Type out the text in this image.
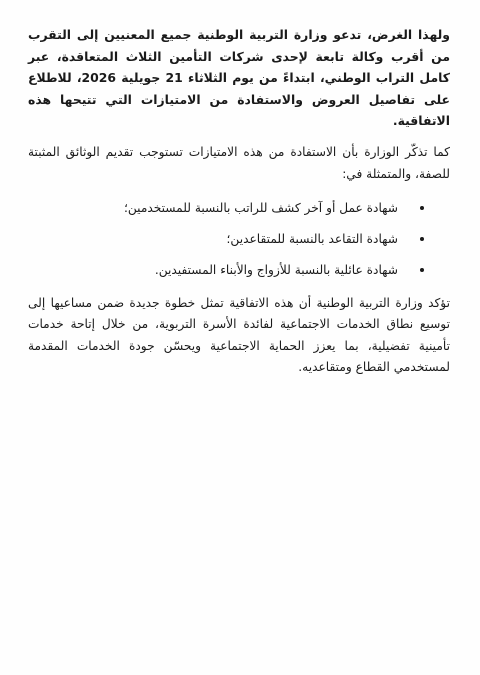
ولهذا الغرض، تدعو وزارة التربية الوطنية جميع المعنيين إلى التقرب من أقرب وكالة تابعة لإحدى شركات التأمين الثلاث المتعاقدة، عبر كامل التراب الوطني، ابتداءً من يوم الثلاثاء 21 جويلية 2026، للاطلاع على تفاصيل العروض والاستفادة من الامتيازات التي تتيحها هذه الاتفاقية.

كما تذكّر الوزارة بأن الاستفادة من هذه الامتيازات تستوجب تقديم الوثائق المثبتة للصفة، والمتمثلة في:

شهادة عمل أو آخر كشف للراتب بالنسبة للمستخدمين؛
شهادة التقاعد بالنسبة للمتقاعدين؛
شهادة عائلية بالنسبة للأزواج والأبناء المستفيدين.

تؤكد وزارة التربية الوطنية أن هذه الاتفاقية تمثل خطوة جديدة ضمن مساعيها إلى توسيع نطاق الخدمات الاجتماعية لفائدة الأسرة التربوية، من خلال إتاحة خدمات تأمينية تفضيلية، بما يعزز الحماية الاجتماعية ويحسّن جودة الخدمات المقدمة لمستخدمي القطاع ومتقاعديه.
